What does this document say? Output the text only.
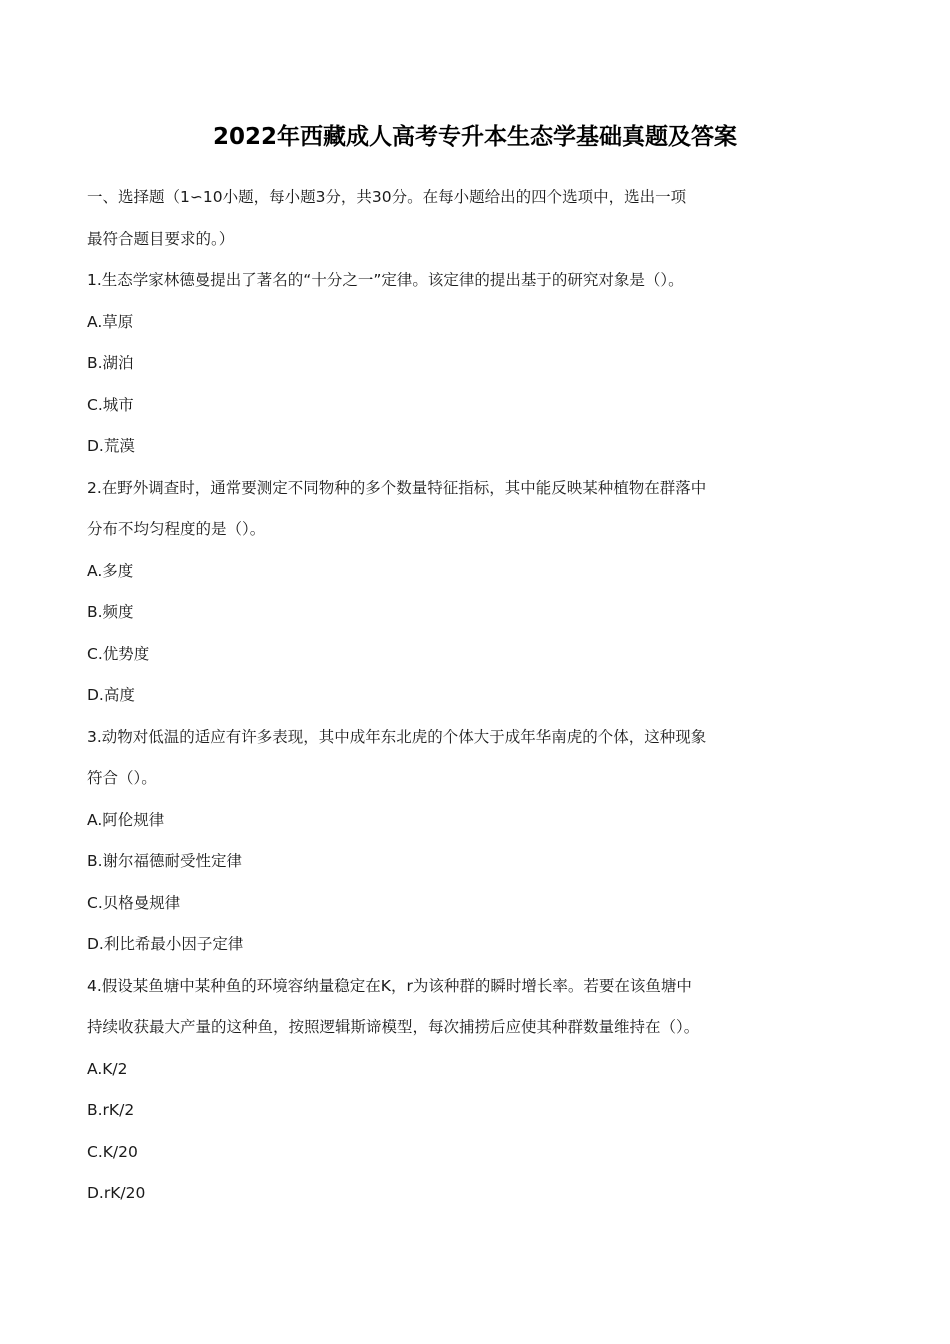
2022年西藏成人高考专升本生态学基础真题及答案
一、选择题（1∽10小题，每小题3分，共30分。在每小题给出的四个选项中，选出一项
最符合题目要求的。）
1.生态学家林德曼提出了著名的“十分之一”定律。该定律的提出基于的研究对象是（）。
A.草原
B.湖泊
C.城市
D.荒漠
2.在野外调查时，通常要测定不同物种的多个数量特征指标，其中能反映某种植物在群落中
分布不均匀程度的是（）。
A.多度
B.频度
C.优势度
D.高度
3.动物对低温的适应有许多表现，其中成年东北虎的个体大于成年华南虎的个体，这种现象
符合（）。
A.阿伦规律
B.谢尔福德耐受性定律
C.贝格曼规律
D.利比希最小因子定律
4.假设某鱼塘中某种鱼的环境容纳量稳定在K，r为该种群的瞬时增长率。若要在该鱼塘中
持续收获最大产量的这种鱼，按照逻辑斯谛模型，每次捕捞后应使其种群数量维持在（）。
A.K/2
B.rK/2
C.K/20
D.rK/20
